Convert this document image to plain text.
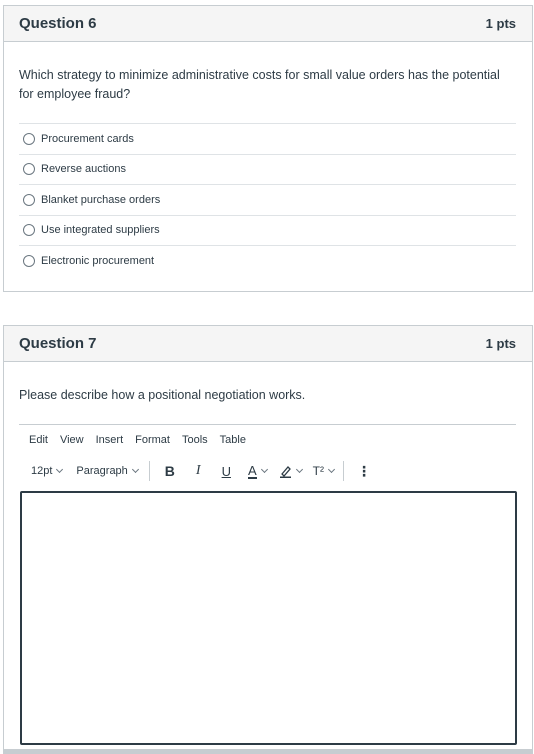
Question 6	1 pts
Which strategy to minimize administrative costs for small value orders has the potential for employee fraud?
Procurement cards
Reverse auctions
Blanket purchase orders
Use integrated suppliers
Electronic procurement
Question 7	1 pts
Please describe how a positional negotiation works.
Edit View Insert Format Tools Table
12pt Paragraph	B I U A	T² ⋮
